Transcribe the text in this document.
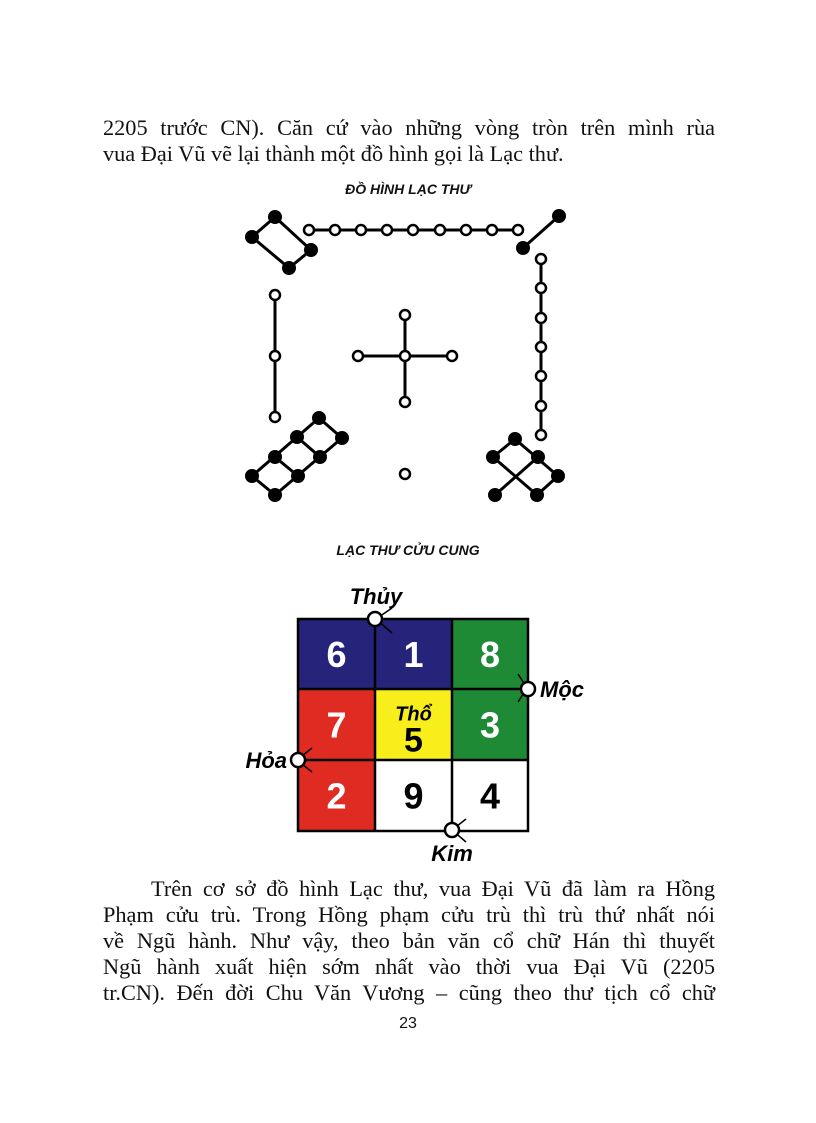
2205 trước CN). Căn cứ vào những vòng tròn trên mình rùa
vua Đại Vũ vẽ lại thành một đồ hình gọi là Lạc thư.
ĐỒ HÌNH LẠC THƯ
LẠC THƯ CỬU CUNG
6 1 8
7 Thổ
5 3
2 9 4
Thủy
Mộc
Hỏa
Kim
Trên cơ sở đồ hình Lạc thư, vua Đại Vũ đã làm ra Hồng
Phạm cửu trù. Trong Hồng phạm cửu trù thì trù thứ nhất nói
về Ngũ hành. Như vậy, theo bản văn cổ chữ Hán thì thuyết
Ngũ hành xuất hiện sớm nhất vào thời vua Đại Vũ (2205
tr.CN). Đến đời Chu Văn Vương – cũng theo thư tịch cổ chữ
23
